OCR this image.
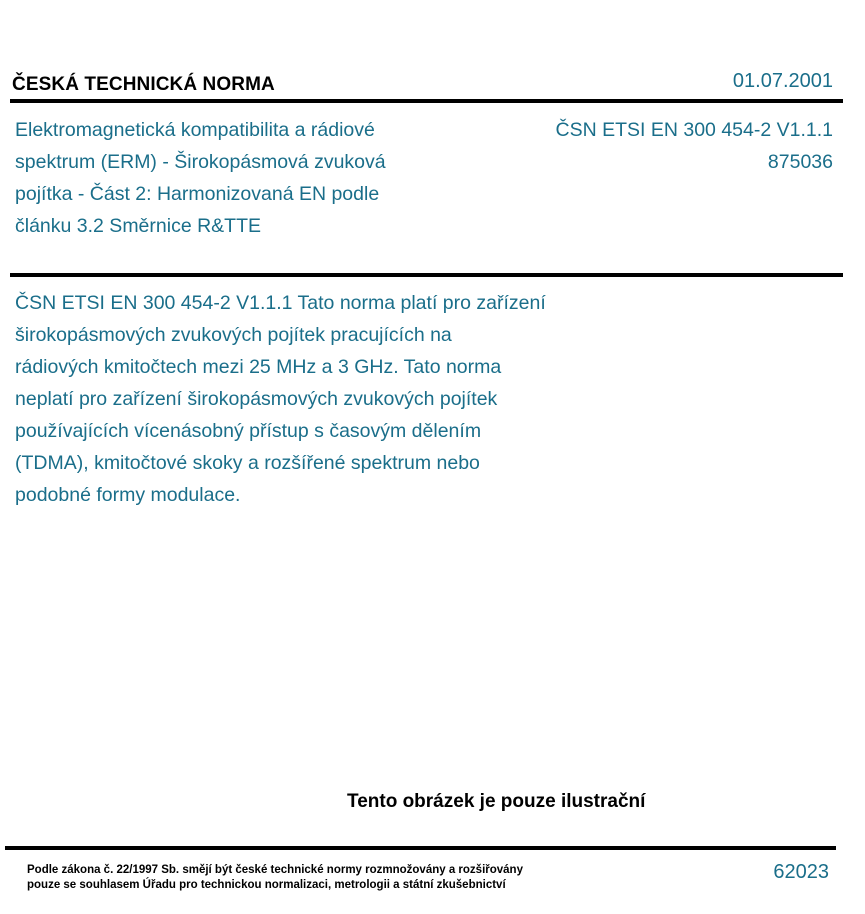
ČESKÁ TECHNICKÁ NORMA	01.07.2001
Elektromagnetická kompatibilita a rádiové
spektrum (ERM) - Širokopásmová zvuková
pojítka - Část 2: Harmonizovaná EN podle
článku 3.2 Směrnice R&TTE
ČSN ETSI EN 300 454-2 V1.1.1
875036
ČSN ETSI EN 300 454-2 V1.1.1 Tato norma platí pro zařízení
širokopásmových zvukových pojítek pracujících na
rádiových kmitočtech mezi 25 MHz a 3 GHz. Tato norma
neplatí pro zařízení širokopásmových zvukových pojítek
používajících vícenásobný přístup s časovým dělením
(TDMA), kmitočtové skoky a rozšířené spektrum nebo
podobné formy modulace.
Tento obrázek je pouze ilustrační
Podle zákona č. 22/1997 Sb. smějí být české technické normy rozmnožovány a rozšiřovány
pouze se souhlasem Úřadu pro technickou normalizaci, metrologii a státní zkušebnictví
62023
